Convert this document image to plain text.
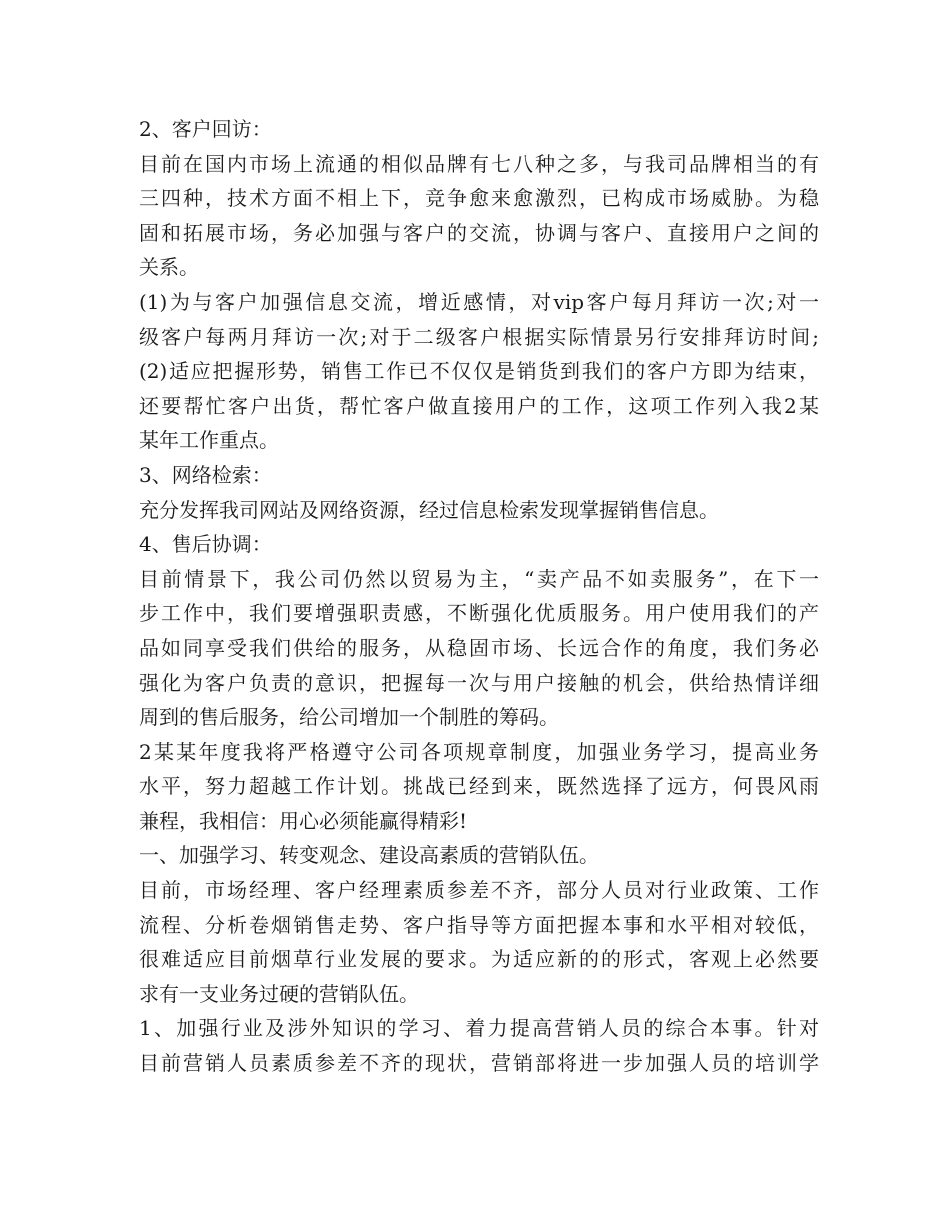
2、客户回访：
目前在国内市场上流通的相似品牌有七八种之多，与我司品牌相当的有
三四种，技术方面不相上下，竞争愈来愈激烈，已构成市场威胁。为稳
固和拓展市场，务必加强与客户的交流，协调与客户、直接用户之间的
关系。
(1)为与客户加强信息交流，增近感情，对vip客户每月拜访一次;对一
级客户每两月拜访一次;对于二级客户根据实际情景另行安排拜访时间;
(2)适应把握形势，销售工作已不仅仅是销货到我们的客户方即为结束，
还要帮忙客户出货，帮忙客户做直接用户的工作，这项工作列入我2某
某年工作重点。
3、网络检索：
充分发挥我司网站及网络资源，经过信息检索发现掌握销售信息。
4、售后协调：
目前情景下，我公司仍然以贸易为主，“卖产品不如卖服务”，在下一
步工作中，我们要增强职责感，不断强化优质服务。用户使用我们的产
品如同享受我们供给的服务，从稳固市场、长远合作的角度，我们务必
强化为客户负责的意识，把握每一次与用户接触的机会，供给热情详细
周到的售后服务，给公司增加一个制胜的筹码。
2某某年度我将严格遵守公司各项规章制度，加强业务学习，提高业务
水平，努力超越工作计划。挑战已经到来，既然选择了远方，何畏风雨
兼程，我相信：用心必须能赢得精彩!
一、加强学习、转变观念、建设高素质的营销队伍。
目前，市场经理、客户经理素质参差不齐，部分人员对行业政策、工作
流程、分析卷烟销售走势、客户指导等方面把握本事和水平相对较低，
很难适应目前烟草行业发展的要求。为适应新的的形式，客观上必然要
求有一支业务过硬的营销队伍。
1、加强行业及涉外知识的学习、着力提高营销人员的综合本事。针对
目前营销人员素质参差不齐的现状，营销部将进一步加强人员的培训学
